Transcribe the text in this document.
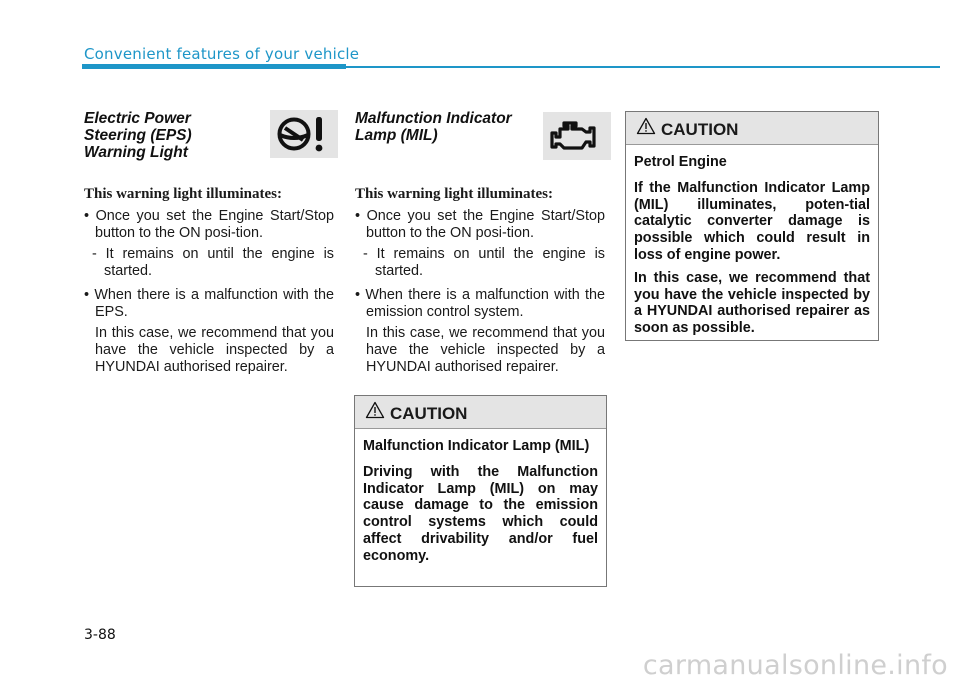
Convenient features of your vehicle
Electric Power
Steering (EPS)
Warning Light
This warning light illuminates:

• Once you set the Engine Start/Stop button to the ON posi-tion.

- It remains on until the engine is started.

• When there is a malfunction with the EPS.

In this case, we recommend that you have the vehicle inspected by a HYUNDAI authorised repairer.

Malfunction Indicator
Lamp (MIL)
This warning light illuminates:

• Once you set the Engine Start/Stop button to the ON posi-tion.

- It remains on until the engine is started.

• When there is a malfunction with the emission control system.

In this case, we recommend that you have the vehicle inspected by a HYUNDAI authorised repairer.

CAUTION

Petrol Engine

If the Malfunction Indicator Lamp (MIL) illuminates, poten-tial catalytic converter damage is possible which could result in loss of engine power.

In this case, we recommend that you have the vehicle inspected by a HYUNDAI authorised repairer as soon as possible.

CAUTION

Malfunction Indicator Lamp (MIL)

Driving with the Malfunction Indicator Lamp (MIL) on may cause damage to the emission control systems which could affect drivability and/or fuel economy.

3-88
carmanualsonline.info
